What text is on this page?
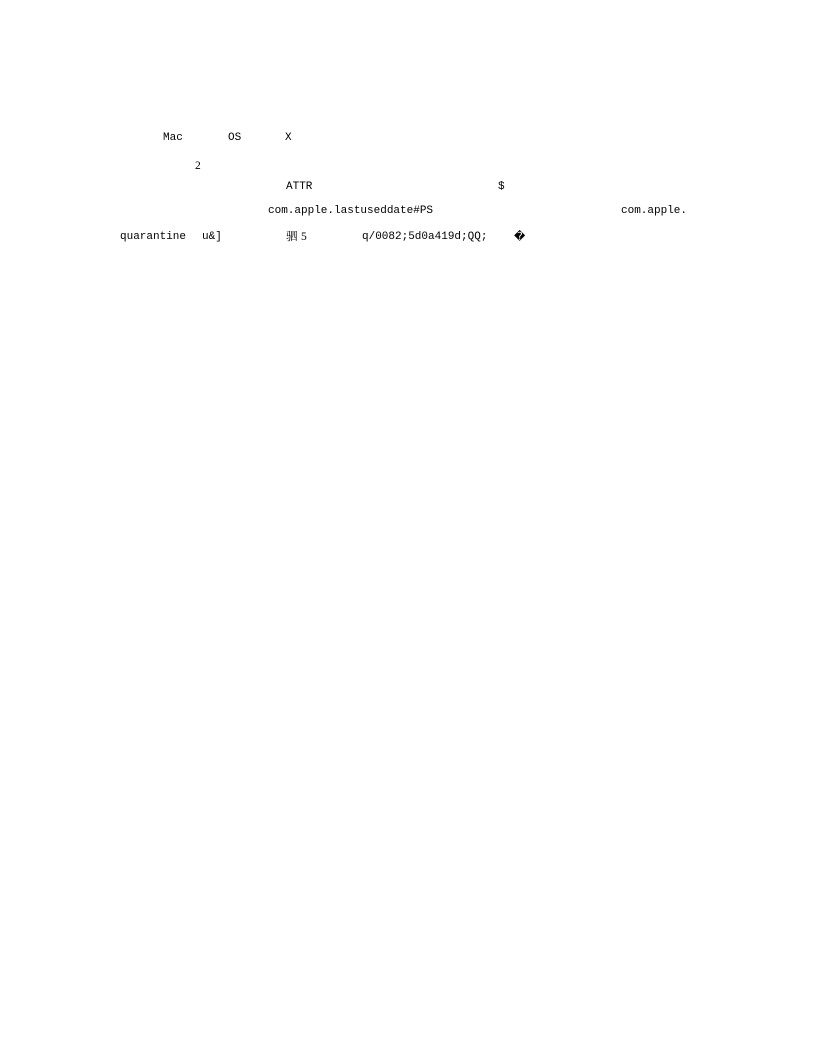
Mac	OS	X
2
ATTR	$
com.apple.lastuseddate#PS	com.apple.
quarantine u&]	驷 5	q/0082;5d0a419d;QQ; �
